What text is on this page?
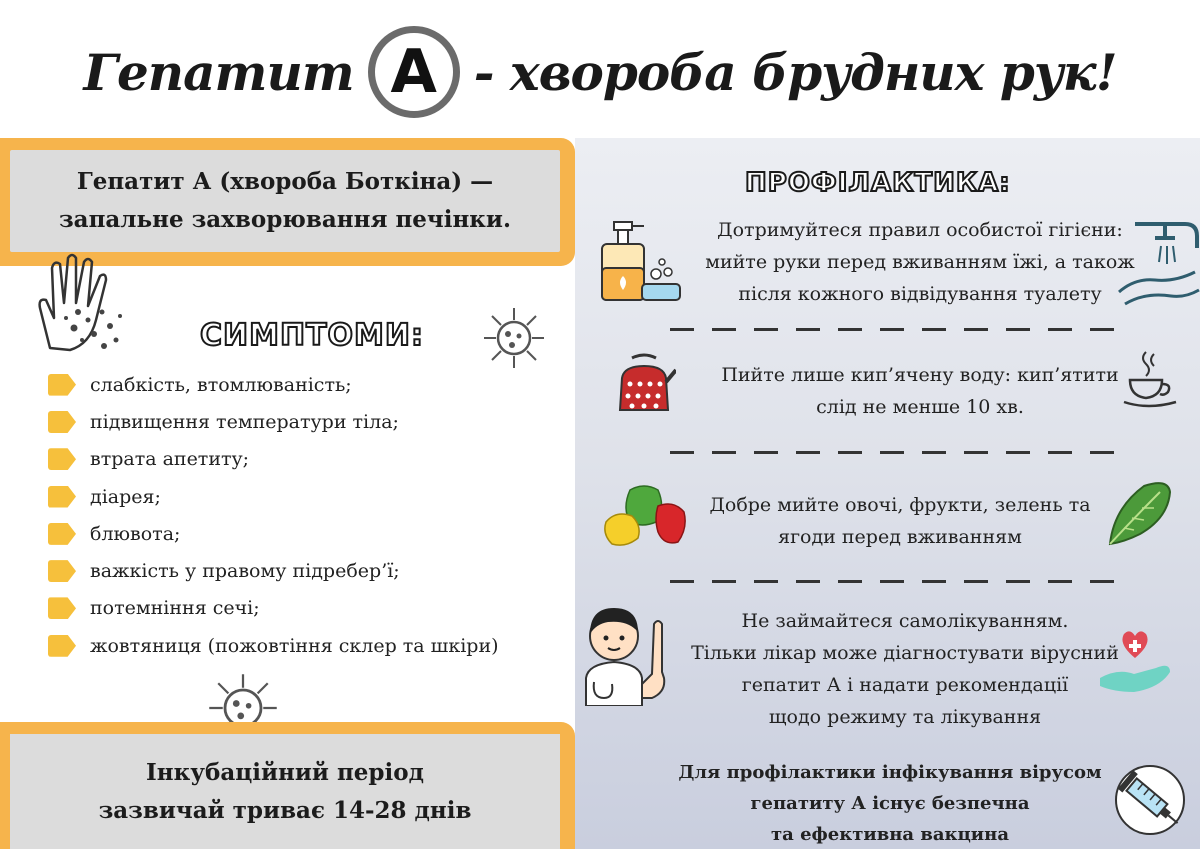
Гепатит А - хвороба брудних рук!
Гепатит А (хвороба Боткіна) —
запальне захворювання печінки.
СИМПТОМИ:
слабкість, втомлюваність;
підвищення температури тіла;
втрата апетиту;
діарея;
блювота;
важкість у правому підребер’ї;
потемніння сечі;
жовтяниця (пожовтіння склер та шкіри)
Інкубаційний період
зазвичай триває 14-28 днів
ПРОФІЛАКТИКА:
Дотримуйтеся правил особистої гігієни:
мийте руки перед вживанням їжі, а також
після кожного відвідування туалету
Пийте лише кип’ячену воду: кип’ятити
слід не менше 10 хв.
Добре мийте овочі, фрукти, зелень та
ягоди перед вживанням
Не займайтеся самолікуванням.
Тільки лікар може діагностувати вірусний
гепатит А і надати рекомендації
щодо режиму та лікування
Для профілактики інфікування вірусом
гепатиту А існує безпечна
та ефективна вакцина
